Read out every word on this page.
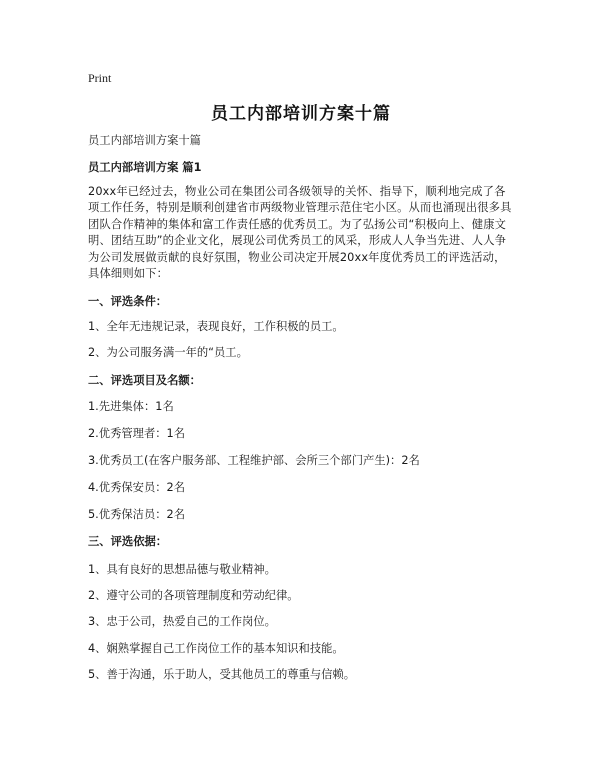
Print
员工内部培训方案十篇
员工内部培训方案十篇
员工内部培训方案 篇1
20xx年已经过去，物业公司在集团公司各级领导的关怀、指导下，顺利地完成了各项工作任务，特别是顺利创建省市两级物业管理示范住宅小区。从而也涌现出很多具团队合作精神的集体和富工作责任感的优秀员工。为了弘扬公司“积极向上、健康文明、团结互助”的企业文化，展现公司优秀员工的风采，形成人人争当先进、人人争为公司发展做贡献的良好氛围，物业公司决定开展20xx年度优秀员工的评选活动，具体细则如下：
一、评选条件：
1、全年无违规记录，表现良好，工作积极的员工。
2、为公司服务满一年的“员工。
二、评选项目及名额：
1.先进集体：1名
2.优秀管理者：1名
3.优秀员工(在客户服务部、工程维护部、会所三个部门产生)：2名
4.优秀保安员：2名
5.优秀保洁员：2名
三、评选依据：
1、具有良好的思想品德与敬业精神。
2、遵守公司的各项管理制度和劳动纪律。
3、忠于公司，热爱自己的工作岗位。
4、娴熟掌握自己工作岗位工作的基本知识和技能。
5、善于沟通，乐于助人，受其他员工的尊重与信赖。
